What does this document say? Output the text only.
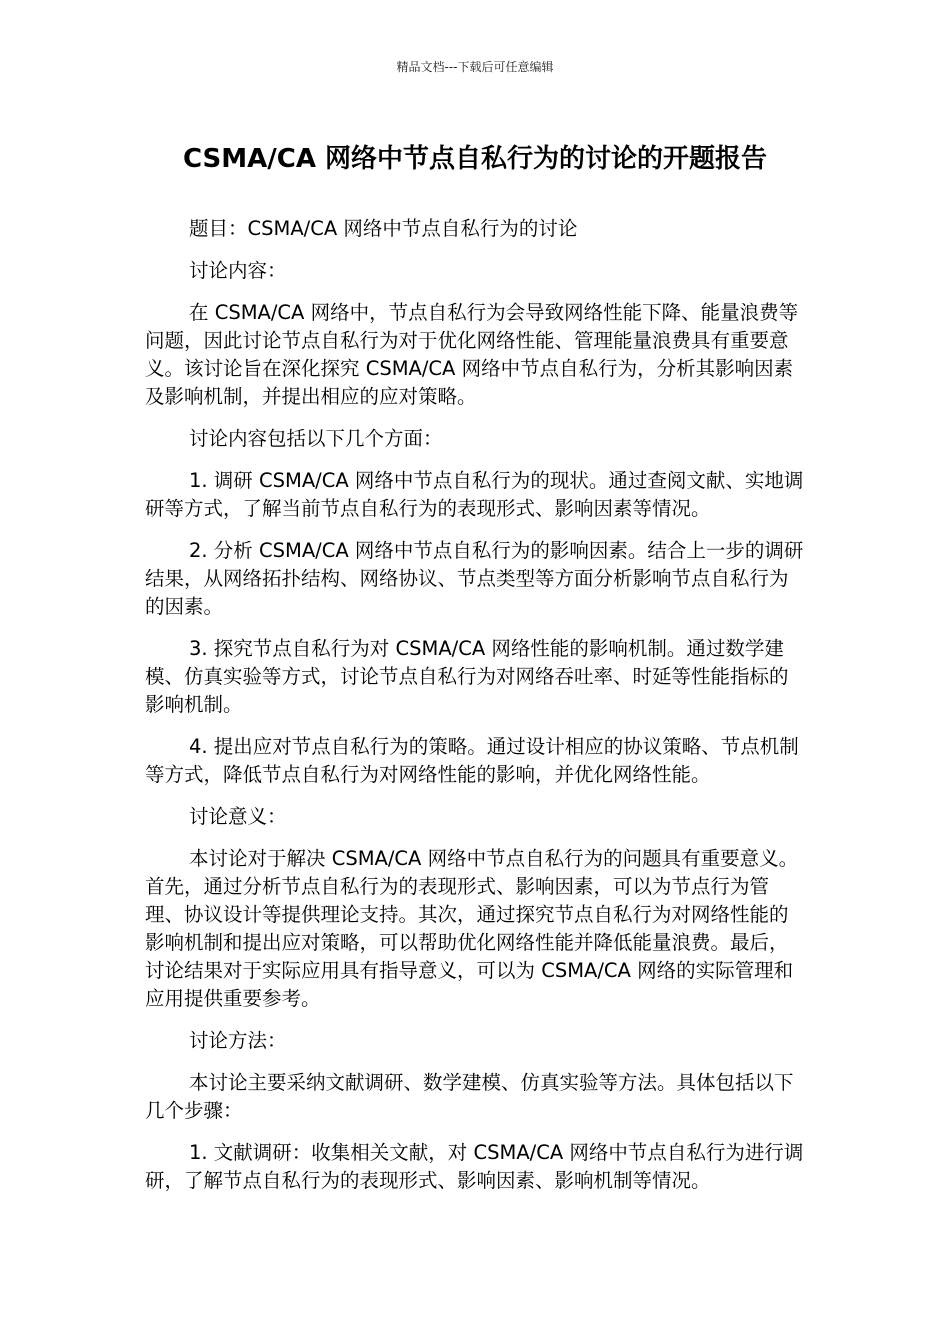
精品文档---下载后可任意编辑
CSMA/CA 网络中节点自私行为的讨论的开题报告

题目：CSMA/CA 网络中节点自私行为的讨论

讨论内容：

在 CSMA/CA 网络中，节点自私行为会导致网络性能下降、能量浪费等问题，因此讨论节点自私行为对于优化网络性能、管理能量浪费具有重要意义。该讨论旨在深化探究 CSMA/CA 网络中节点自私行为，分析其影响因素及影响机制，并提出相应的应对策略。

讨论内容包括以下几个方面：

1. 调研 CSMA/CA 网络中节点自私行为的现状。通过查阅文献、实地调研等方式，了解当前节点自私行为的表现形式、影响因素等情况。

2. 分析 CSMA/CA 网络中节点自私行为的影响因素。结合上一步的调研结果，从网络拓扑结构、网络协议、节点类型等方面分析影响节点自私行为的因素。

3. 探究节点自私行为对 CSMA/CA 网络性能的影响机制。通过数学建模、仿真实验等方式，讨论节点自私行为对网络吞吐率、时延等性能指标的影响机制。

4. 提出应对节点自私行为的策略。通过设计相应的协议策略、节点机制等方式，降低节点自私行为对网络性能的影响，并优化网络性能。

讨论意义：

本讨论对于解决 CSMA/CA 网络中节点自私行为的问题具有重要意义。首先，通过分析节点自私行为的表现形式、影响因素，可以为节点行为管理、协议设计等提供理论支持。其次，通过探究节点自私行为对网络性能的影响机制和提出应对策略，可以帮助优化网络性能并降低能量浪费。最后，讨论结果对于实际应用具有指导意义，可以为 CSMA/CA 网络的实际管理和应用提供重要参考。

讨论方法：

本讨论主要采纳文献调研、数学建模、仿真实验等方法。具体包括以下几个步骤：

1. 文献调研：收集相关文献，对 CSMA/CA 网络中节点自私行为进行调研，了解节点自私行为的表现形式、影响因素、影响机制等情况。
